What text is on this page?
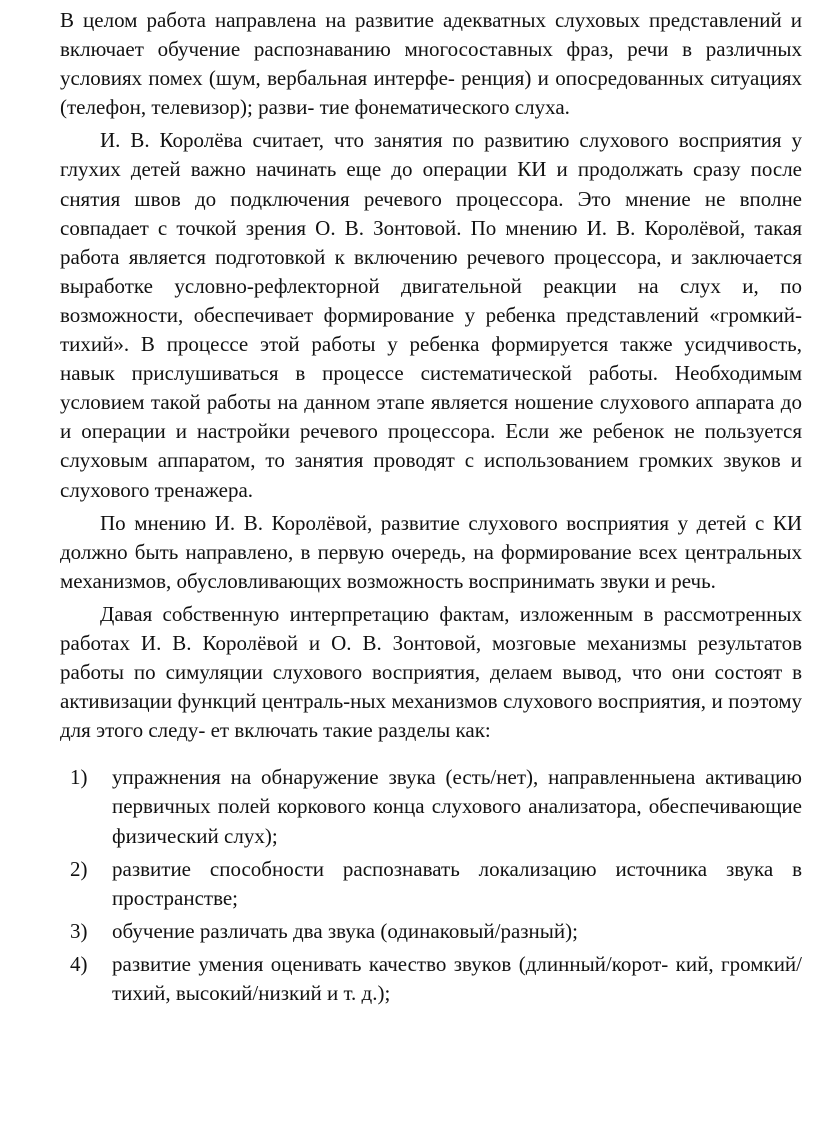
В целом работа направлена на развитие адекватных слуховых представлений и включает обучение распознаванию многосоставных фраз, речи в различных условиях помех (шум, вербальная интерфе- ренция) и опосредованных ситуациях (телефон, телевизор); разви- тие фонематического слуха.

И. В. Королёва считает, что занятия по развитию слухового восприятия у глухих детей важно начинать еще до операции КИ и продолжать сразу после снятия швов до подключения речевого процессора. Это мнение не вполне совпадает с точкой зрения О. В. Зонтовой. По мнению И. В. Королёвой, такая работа является подготовкой к включению речевого процессора, и заключается выработке условно-рефлекторной двигательной реакции на слух и, по возможности, обеспечивает формирование у ребенка представлений «громкий-тихий». В процессе этой работы у ребенка формируется также усидчивость, навык прислушиваться в процессе систематической работы. Необходимым условием такой работы на данном этапе является ношение слухового аппарата до и операции и настройки речевого процессора. Если же ребенок не пользуется слуховым аппаратом, то занятия проводят с использованием громких звуков и слухового тренажера.

По мнению И. В. Королёвой, развитие слухового восприятия у детей с КИ должно быть направлено, в первую очередь, на формирование всех центральных механизмов, обусловливающих возможность воспринимать звуки и речь.

Давая собственную интерпретацию фактам, изложенным в рассмотренных работах И. В. Королёвой и О. В. Зонтовой, мозговые механизмы результатов работы по симуляции слухового восприятия, делаем вывод, что они состоят в активизации функций централь-ных механизмов слухового восприятия, и поэтому для этого следу- ет включать такие разделы как:

1) упражнения на обнаружение звука (есть/нет), направленныена активацию первичных полей коркового конца слухового анализатора, обеспечивающие физический слух);
2) развитие способности распознавать локализацию источника звука в пространстве;
3) обучение различать два звука (одинаковый/разный);
4) развитие умения оценивать качество звуков (длинный/корот- кий, громкий/тихий, высокий/низкий и т. д.);
